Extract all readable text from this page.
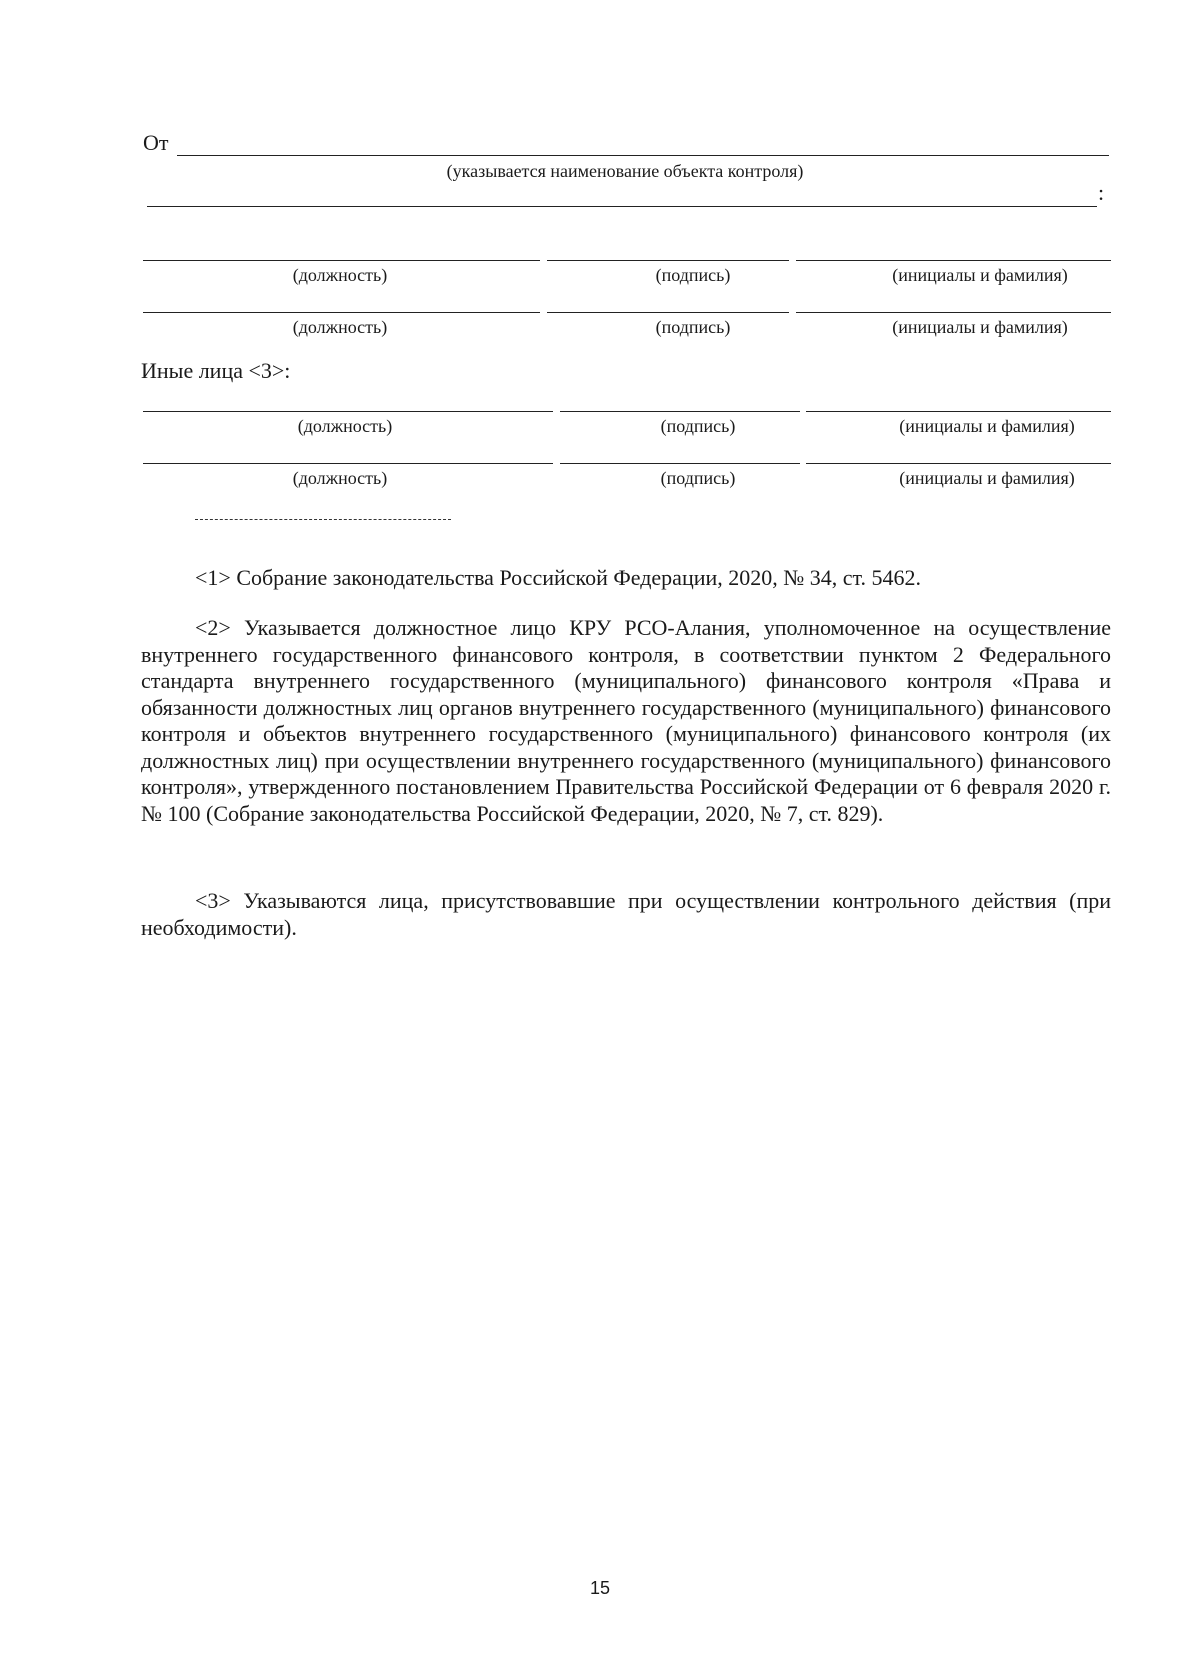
От
(указывается наименование объекта контроля)
:
(должность)	(подпись)	(инициалы и фамилия)
(должность)	(подпись)	(инициалы и фамилия)
Иные лица <3>:
(должность)	(подпись)	(инициалы и фамилия)
(должность)	(подпись)	(инициалы и фамилия)

<1> Собрание законодательства Российской Федерации, 2020, № 34, ст. 5462.

<2> Указывается должностное лицо КРУ РСО-Алания, уполномоченное на осуществление внутреннего государственного финансового контроля, в соответствии пунктом 2 Федерального стандарта внутреннего государственного (муниципального) финансового контроля «Права и обязанности должностных лиц органов внутреннего государственного (муниципального) финансового контроля и объектов внутреннего государственного (муниципального) финансового контроля (их должностных лиц) при осуществлении внутреннего государственного (муниципального) финансового контроля», утвержденного постановлением Правительства Российской Федерации от 6 февраля 2020 г. № 100 (Собрание законодательства Российской Федерации, 2020, № 7, ст. 829).

<3> Указываются лица, присутствовавшие при осуществлении контрольного действия (при необходимости).

15
